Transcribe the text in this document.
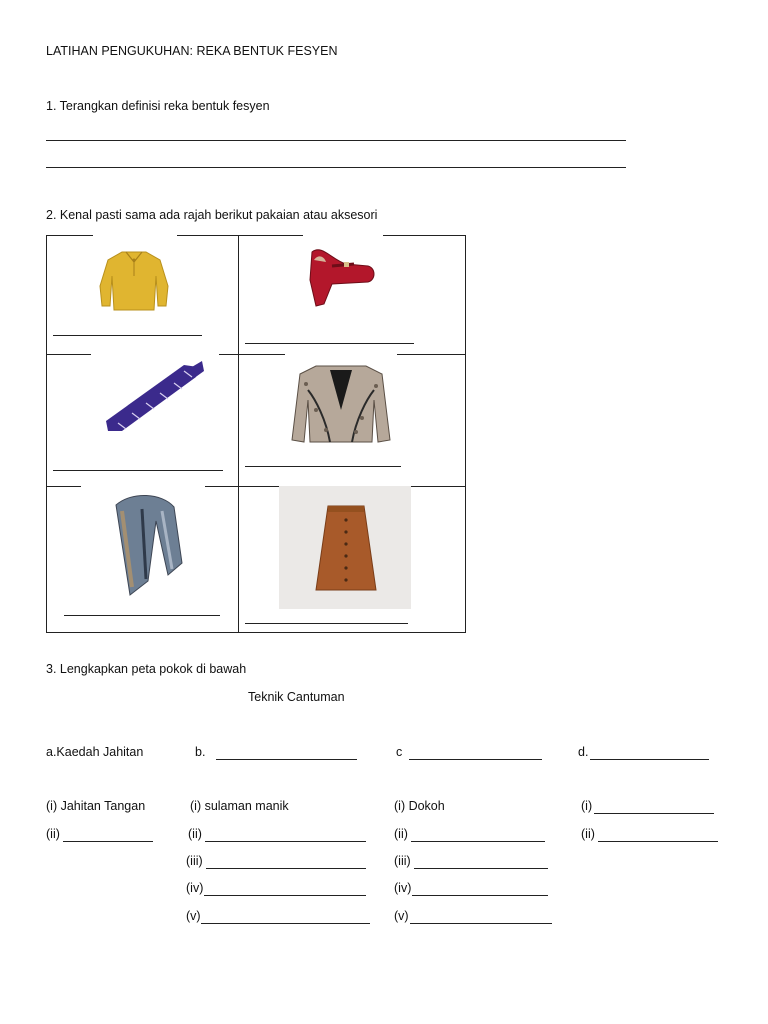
LATIHAN PENGUKUHAN: REKA BENTUK FESYEN
1. Terangkan definisi reka bentuk fesyen
2. Kenal pasti sama ada rajah berikut pakaian atau aksesori
3. Lengkapkan peta pokok di bawah
Teknik Cantuman
a.Kaedah Jahitan	b.	c	d.
(i) Jahitan Tangan
(ii)
(i) sulaman manik
(ii)
(iii)
(iv)
(v)
(i) Dokoh
(ii)
(iii)
(iv)
(v)
(i)
(ii)
